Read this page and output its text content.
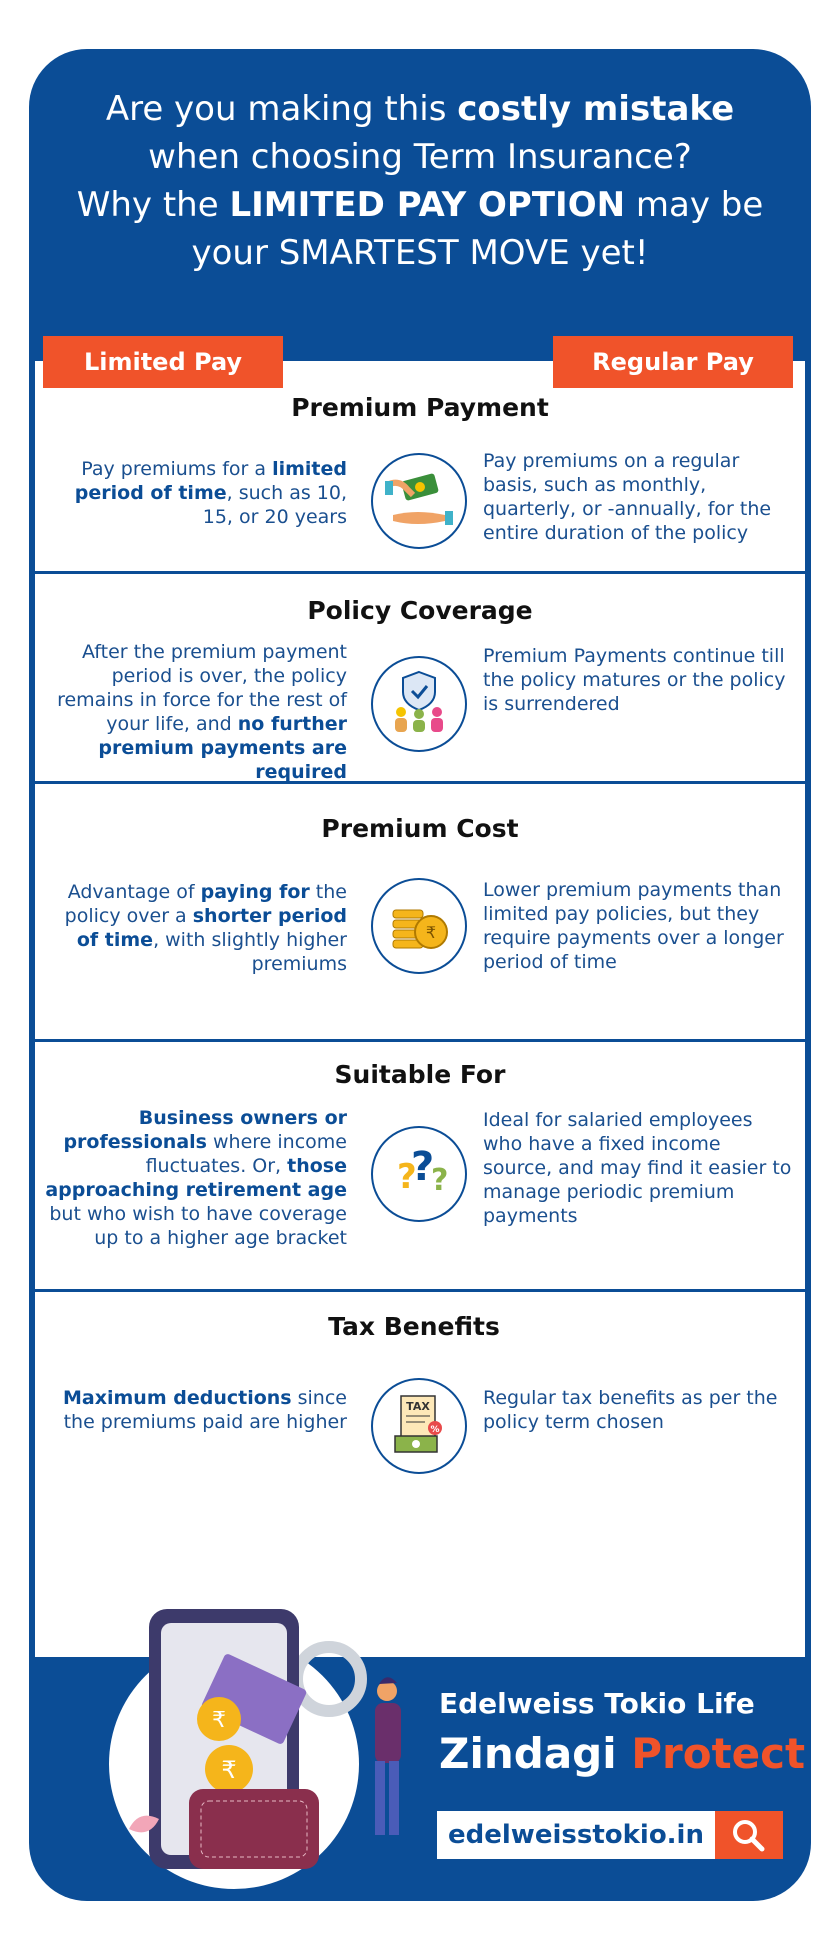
Are you making this costly mistake
when choosing Term Insurance?
Why the LIMITED PAY OPTION may be
your SMARTEST MOVE yet!
Premium Payment
Pay premiums for a limited period of time, such as 10, 15, or 20 years
Pay premiums on a regular basis, such as monthly, quarterly, or -annually, for the entire duration of the policy
Policy Coverage
After the premium payment period is over, the policy remains in force for the rest of your life, and no further premium payments are required
Premium Payments continue till the policy matures or the policy is surrendered
Premium Cost
Advantage of paying for the policy over a shorter period of time, with slightly higher premiums
₹
Lower premium payments than limited pay policies, but they require payments over a longer period of time
Suitable For
Business owners or professionals where income fluctuates. Or, those approaching retirement age but who wish to have coverage up to a higher age bracket
?
?
?
Ideal for salaried employees who have a fixed income source, and may find it easier to manage periodic premium payments
Tax Benefits
Maximum deductions since the premiums paid are higher
TAX
%
Regular tax benefits as per the policy term chosen
Limited Pay	Regular Pay
₹
₹
Edelweiss Tokio Life
Zindagi Protect
edelweisstokio.in
